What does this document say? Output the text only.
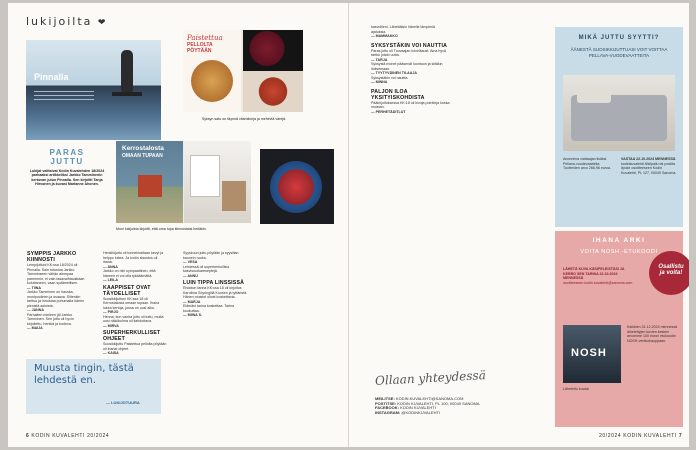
lukijoilta ❤
Pinnalla
PARAS
JUTTU
Lukijat valitsivat Kodin Kuvalehden 18/2024 parhaaksi artikkeliksi Jarkko Tamminenin kertovan jutun Pinnalla. Sen kirjoitti Tanja Hirvonen ja kuvasi Marianne Ahonen.
Paistettua
PELLOLTA
PÖYTÄÄN
Syksyn sato on täynnä vitamiineja ja meheviä värejä.
Kerrostalosta
OMAAN TUPAAN
Moni lukijoista kirjoitti, että oma tupa kiinnostaisi heitäkin.
SYMPPIS JARKKO KIINNOSTI
Lempijuttuni KK:ssa 18/2024 oli Pinnalla. Sain tutustua Jarkko Tamminseen vähän alempaa paremmin, ei vain tasavaihtaukkaan kuluttaneen, vaan sydämellisen.
— TIINA
Jarkko Tamminen on hauska, monipuolinen ja osaava. Siitenkin tarttuu ja innostaa puhumalla hänen pienistä asioista.
— JANNA
Parhaiten mieleen jäi Jarkko Tamminen. Sen juttu oli hyvin kirjoitettu, herkkä ja tunteva.
— MAIJA
Muusta tingin, tästä lehdestä en.
— LUKIJOTUURA
Henkilöjuttu oli tunnelmaltaan kevyt ja helppo lukea. Ja kodin sisustus oli ihana.
— ANNA
Jarkko on niin sympaattinen, että häneen ei voi olla tykkäämättä.
— LEILA
KAAPPISET OVAT TÄYDELLISET
Suosikkijuttuni KK:ssa 18 oli Kerrostalosta omaan tupaan. Ihana lukea kertoja, jossa on uusi alku.
— PIRJO
Henna, kun vanha juttu oli tuttu, mutta uusi näkökulma oli ilahduttava.
— MIRVA
SUPERHERKULLISET OHJEET
Suosikkijuttu Paistettua pellolta pöytään oli ihanat ohjeet.
— KAISA
Syyskuun juttu pöytään ja syysillan kaunein ruoka.
— VESA
Lehdessä oli superherkullisia kasvisruokareseptejä.
— ANNU
LUIN TIPPA LINSSISSÄ
Ehdoton tarina KK:ssa 18 oli kirjoitus Karoliina Söyringillä Kuusen ja tyttäristä. Hänen muistot olivat koskettavia.
— MARJA
Elämäni tarina koskettaa. Tarina koukuttaa.
— MIINA S.
6 KODIN KUVALEHTI 20/2024
kasvoilleni. Lähettäisin hänelle lämpimiä ajatuksia.
— MAMMAKKO
SYKSYSTÄKIN VOI NAUTTIA
Paras juttu oli Tuuvaajan tolvelkaust. Aina hyvä tarttui jotain uutta.
— TARJA
Syksystä monet pääsevät luontoon ja siitäkin iloitsemaan.
— TYYTYVÄINEN TILAAJA
Syksystäkin voi nauttia.
— MINNA
PALJON ILOA YKSITYISKOHDISTA
Pääkirjoituksessa KK:18 oli kivoja pointteja koska muistan.
— PERHETÄDITLUT
Ollaan yhteydessä
MEILITSE: KODIN.KUVALEHTI@SANOMA.COM
POSTITSE: KODIN KUVALEHTI, PL 100, 00040 SANOMA
FACEBOOK: KODIN KUVALEHTI
INSTAGRAM: @KODINKUVALEHTI
MIKÄ JUTTU SYYTTI?
ÄÄNESTÄ SUOSIKKIJUTTUASI VOIT VOITTAA PELLAVA-VUODEVAATTEITA
Anonnima viattaajan lisäksi Pellava-vuodevaatteita. Tuotteiden arvo 266,96 euroa.
VASTAA 22.10.2024 MENNESSÄ
kodinkuvalehti.fi/kilpailu tai postita lipuke osoitteeseen Kodin Kuvalehti, PL 127, 00040 Sanoma.
IHANA ARKI
VOITA NOSH -ETUKOODI
LÄHETÄ KUVA KÄSIPELEISTÄSI JA KERRO SEN TARINA 22.10.2024 MENNESSÄ
osoitteeseen kodin.kuvalehti@sanoma.com
NOSH
Läheteltu kuvasi
Kaikkien 31.12.2024 mennessä lähetettyjen kuvien kesken arvomme 100 euron etukoodin NOSH-verkkokauppaan.
Osallistu
ja voita!
20/2024 KODIN KUVALEHTI 7
